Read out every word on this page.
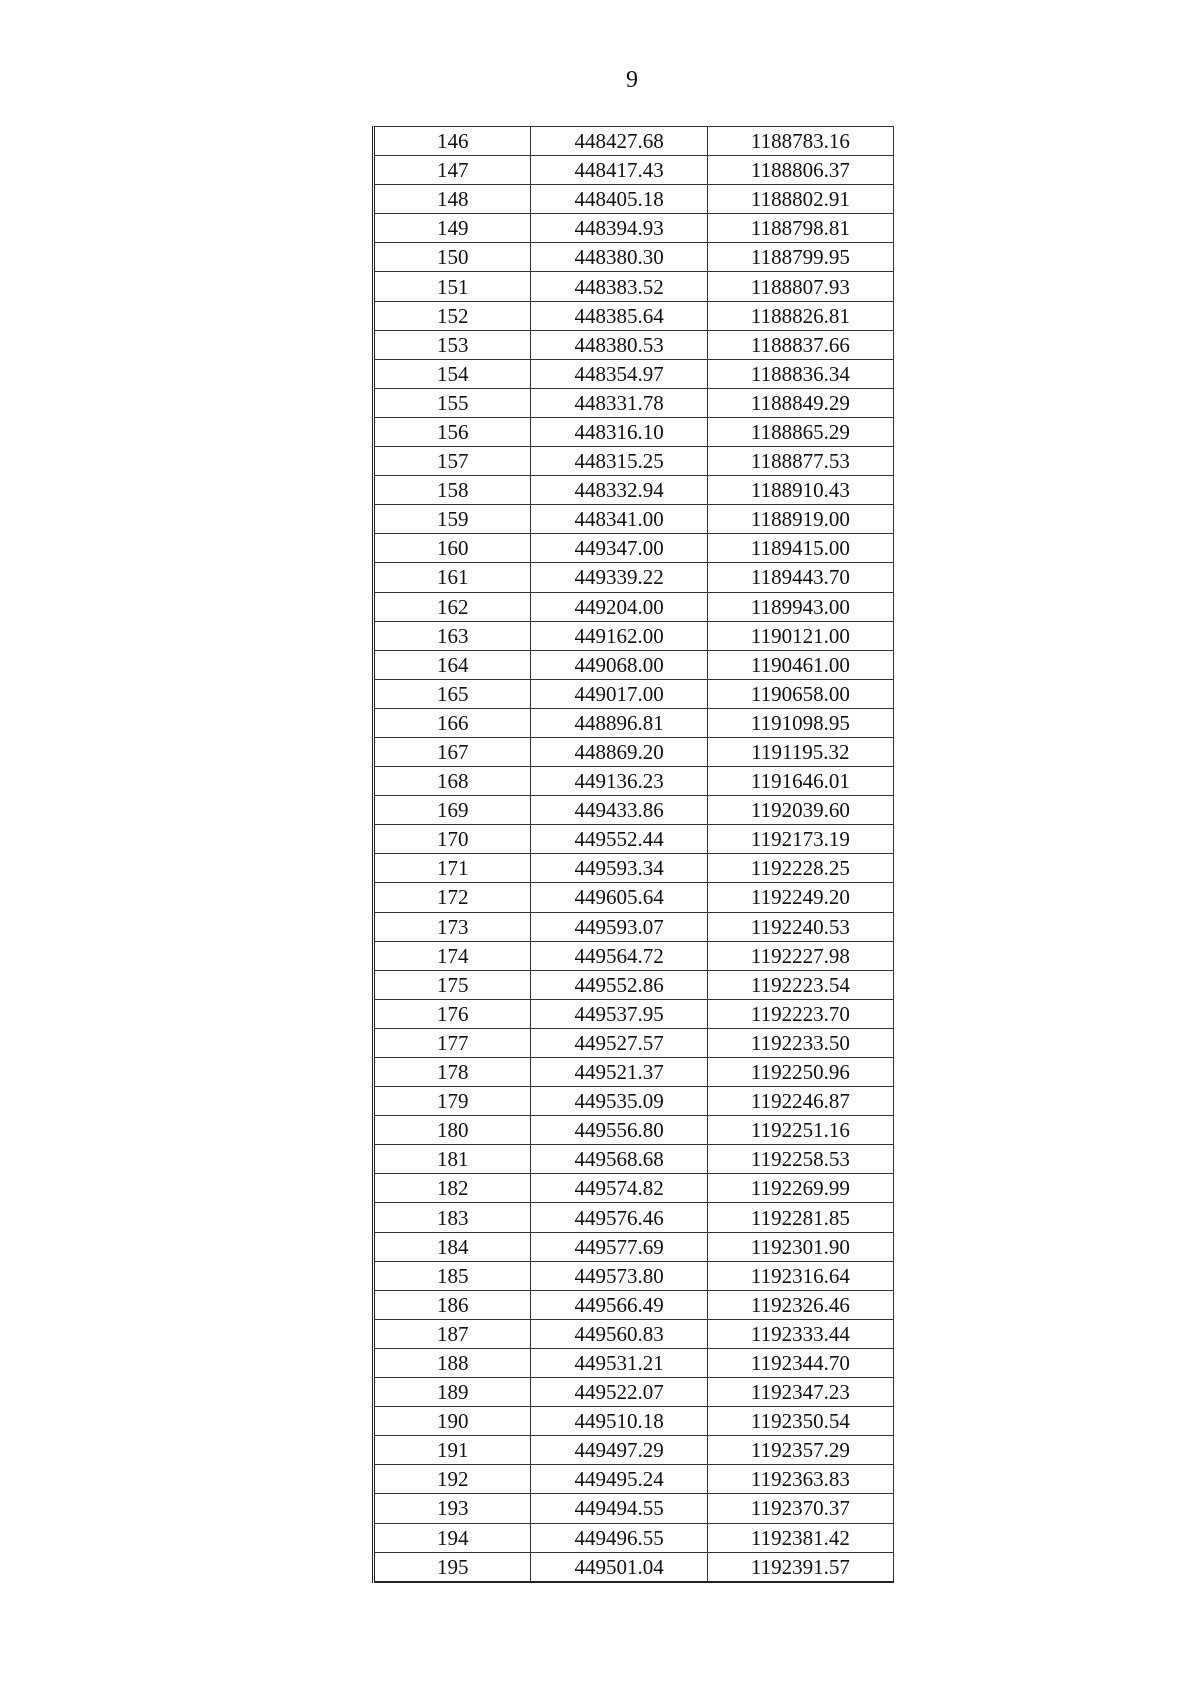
9
146	448427.68	1188783.16
147	448417.43	1188806.37
148	448405.18	1188802.91
149	448394.93	1188798.81
150	448380.30	1188799.95
151	448383.52	1188807.93
152	448385.64	1188826.81
153	448380.53	1188837.66
154	448354.97	1188836.34
155	448331.78	1188849.29
156	448316.10	1188865.29
157	448315.25	1188877.53
158	448332.94	1188910.43
159	448341.00	1188919.00
160	449347.00	1189415.00
161	449339.22	1189443.70
162	449204.00	1189943.00
163	449162.00	1190121.00
164	449068.00	1190461.00
165	449017.00	1190658.00
166	448896.81	1191098.95
167	448869.20	1191195.32
168	449136.23	1191646.01
169	449433.86	1192039.60
170	449552.44	1192173.19
171	449593.34	1192228.25
172	449605.64	1192249.20
173	449593.07	1192240.53
174	449564.72	1192227.98
175	449552.86	1192223.54
176	449537.95	1192223.70
177	449527.57	1192233.50
178	449521.37	1192250.96
179	449535.09	1192246.87
180	449556.80	1192251.16
181	449568.68	1192258.53
182	449574.82	1192269.99
183	449576.46	1192281.85
184	449577.69	1192301.90
185	449573.80	1192316.64
186	449566.49	1192326.46
187	449560.83	1192333.44
188	449531.21	1192344.70
189	449522.07	1192347.23
190	449510.18	1192350.54
191	449497.29	1192357.29
192	449495.24	1192363.83
193	449494.55	1192370.37
194	449496.55	1192381.42
195	449501.04	1192391.57
